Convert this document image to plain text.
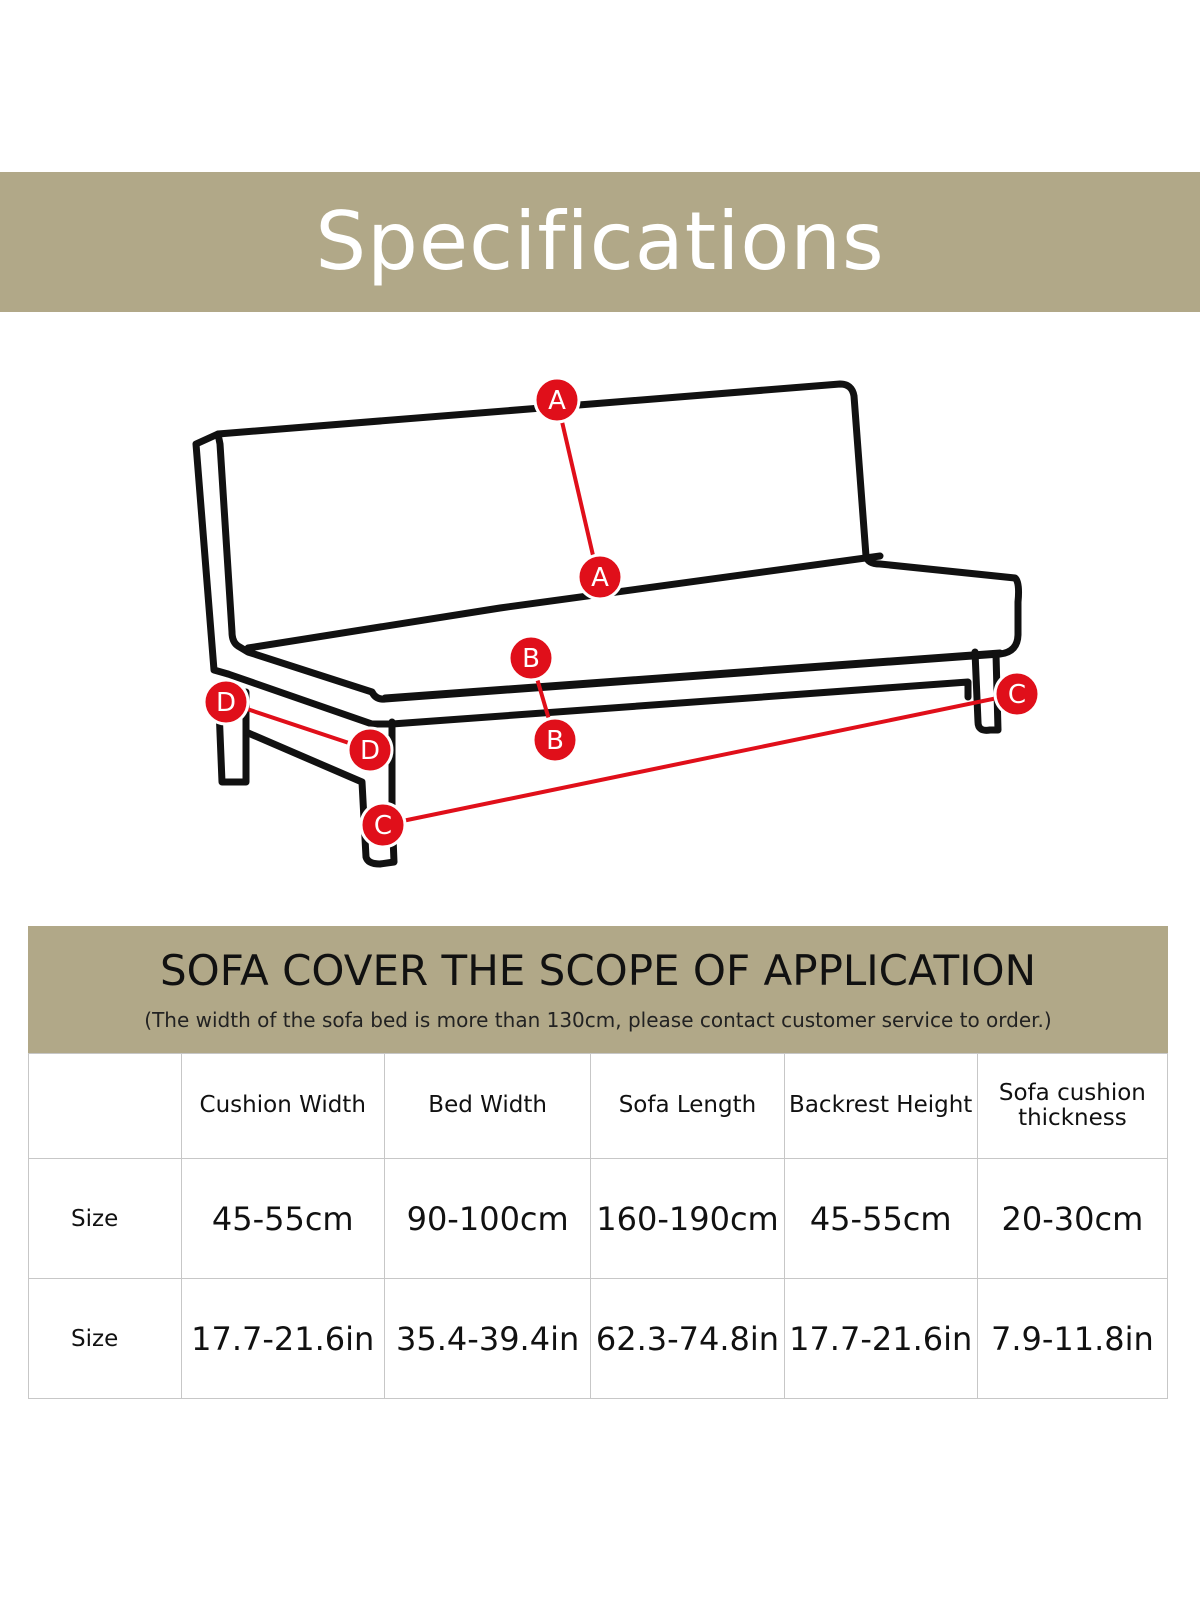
Specifications
A
A
B
B
C
C
D
D
SOFA COVER THE SCOPE OF APPLICATION
(The width of the sofa bed is more than 130cm, please contact customer service to order.)
	Cushion Width	Bed Width	Sofa Length	Backrest Height	Sofa cushion thickness
Size	45-55cm	90-100cm	160-190cm	45-55cm	20-30cm
Size	17.7-21.6in	35.4-39.4in	62.3-74.8in	17.7-21.6in	7.9-11.8in
